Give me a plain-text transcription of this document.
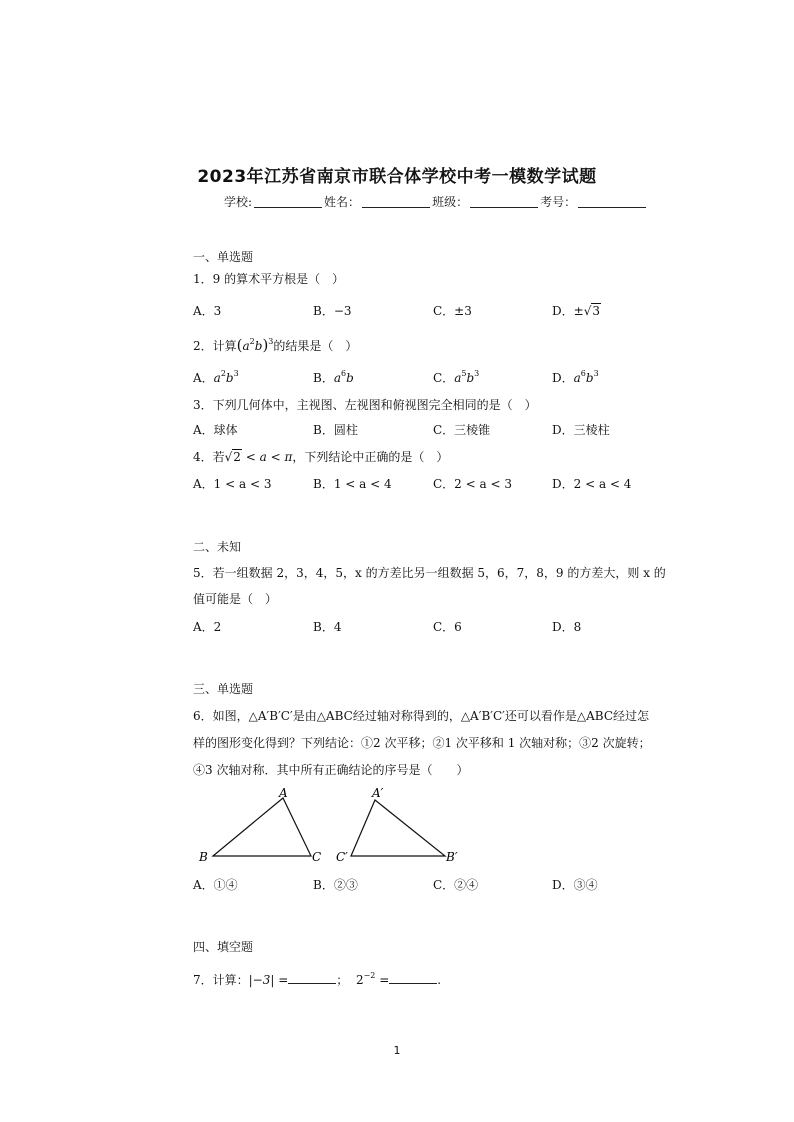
2023年江苏省南京市联合体学校中考一模数学试题
学校:	姓名：	班级：	考号：
一、单选题
1．9 的算术平方根是（　）
A．3	B．−3	C．±3	D．±√3
2．计算$(a^2b)^3$的结果是（　）
A．$a^2b^3$	B．$a^6b$	C．$a^5b^3$	D．$a^6b^3$
3．下列几何体中，主视图、左视图和俯视图完全相同的是（　）
A．球体	B．圆柱	C．三棱锥	D．三棱柱
4．若√2 < a < π，下列结论中正确的是（　）
A．1 < a < 3	B．1 < a < 4	C．2 < a < 3	D．2 < a < 4
二、未知
5．若一组数据 2，3，4，5，x 的方差比另一组数据 5，6，7，8，9 的方差大，则 x 的
值可能是（　）
A．2	B．4	C．6	D．8
三、单选题
6．如图，△A′B′C′是由△ABC经过轴对称得到的，△A′B′C′还可以看作是△ABC经过怎
样的图形变化得到？下列结论：①2 次平移；②1 次平移和 1 次轴对称；③2 次旋转；
④3 次轴对称．其中所有正确结论的序号是（　　）
A
B	C
A′
C′	B′
A．①④	B．②③	C．②④	D．③④
四、填空题
7．计算：|−3| =	； $2^{-2}$ =	.
1
